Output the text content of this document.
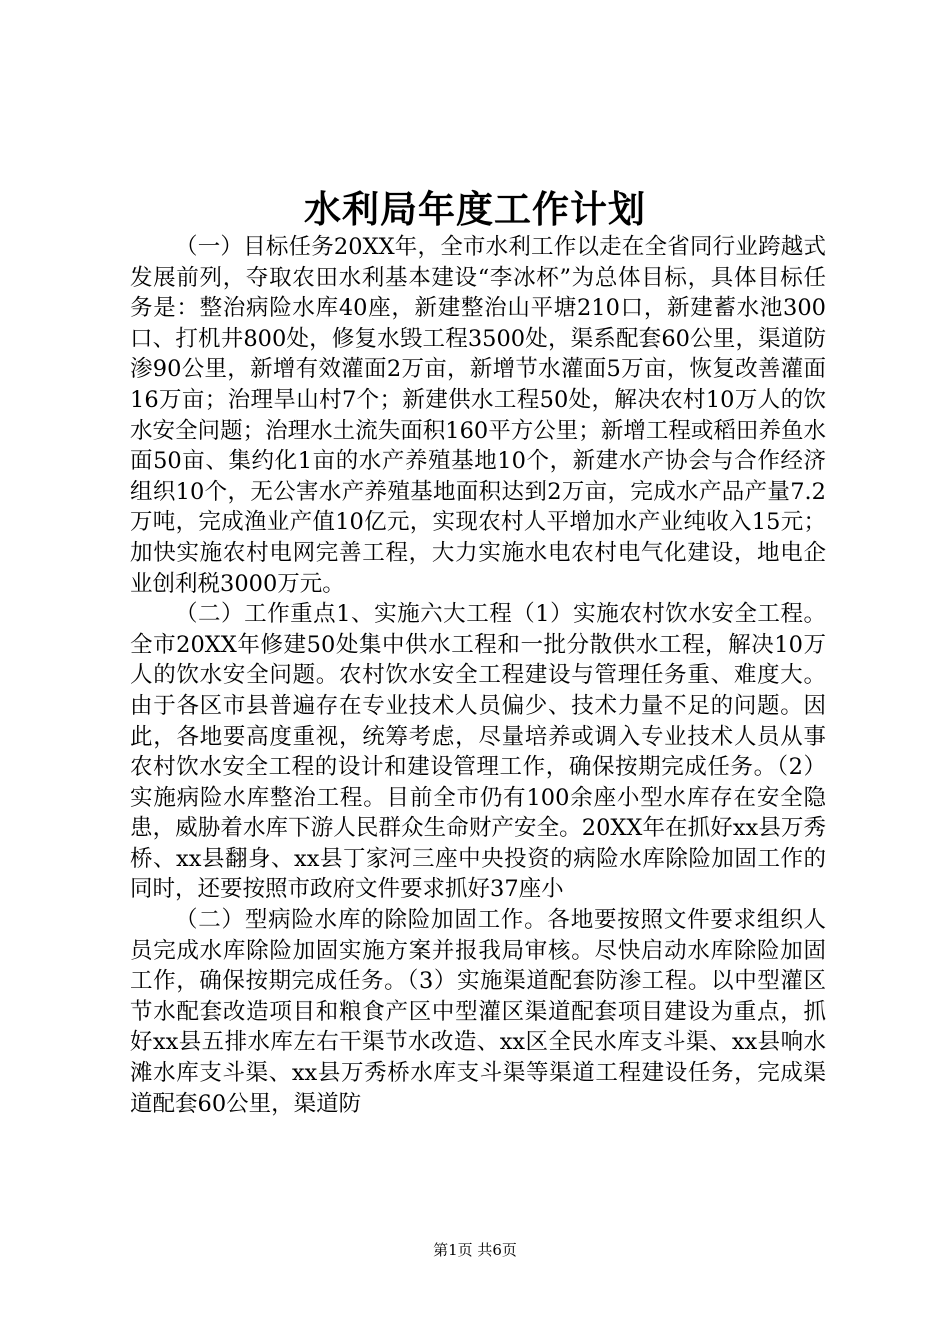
水利局年度工作计划

（一）目标任务20XX年，全市水利工作以走在全省同行业跨越式发展前列，夺取农田水利基本建设“李冰杯”为总体目标，具体目标任务是：整治病险水库40座，新建整治山平塘210口，新建蓄水池300口、打机井800处，修复水毁工程3500处，渠系配套60公里，渠道防渗90公里，新增有效灌面2万亩，新增节水灌面5万亩，恢复改善灌面16万亩；治理旱山村7个；新建供水工程50处，解决农村10万人的饮水安全问题；治理水土流失面积160平方公里；新增工程或稻田养鱼水面50亩、集约化1亩的水产养殖基地10个，新建水产协会与合作经济组织10个，无公害水产养殖基地面积达到2万亩，完成水产品产量7.2万吨，完成渔业产值10亿元，实现农村人平增加水产业纯收入15元；加快实施农村电网完善工程，大力实施水电农村电气化建设，地电企业创利税3000万元。

（二）工作重点1、实施六大工程（1）实施农村饮水安全工程。全市20XX年修建50处集中供水工程和一批分散供水工程，解决10万人的饮水安全问题。农村饮水安全工程建设与管理任务重、难度大。由于各区市县普遍存在专业技术人员偏少、技术力量不足的问题。因此，各地要高度重视，统筹考虑，尽量培养或调入专业技术人员从事农村饮水安全工程的设计和建设管理工作，确保按期完成任务。（2）实施病险水库整治工程。目前全市仍有100余座小型水库存在安全隐患，威胁着水库下游人民群众生命财产安全。20XX年在抓好xx县万秀桥、xx县翻身、xx县丁家河三座中央投资的病险水库除险加固工作的同时，还要按照市政府文件要求抓好37座小

（二）型病险水库的除险加固工作。各地要按照文件要求组织人员完成水库除险加固实施方案并报我局审核。尽快启动水库除险加固工作，确保按期完成任务。（3）实施渠道配套防渗工程。以中型灌区节水配套改造项目和粮食产区中型灌区渠道配套项目建设为重点，抓好xx县五排水库左右干渠节水改造、xx区全民水库支斗渠、xx县响水滩水库支斗渠、xx县万秀桥水库支斗渠等渠道工程建设任务，完成渠道配套60公里，渠道防

第1页 共6页
